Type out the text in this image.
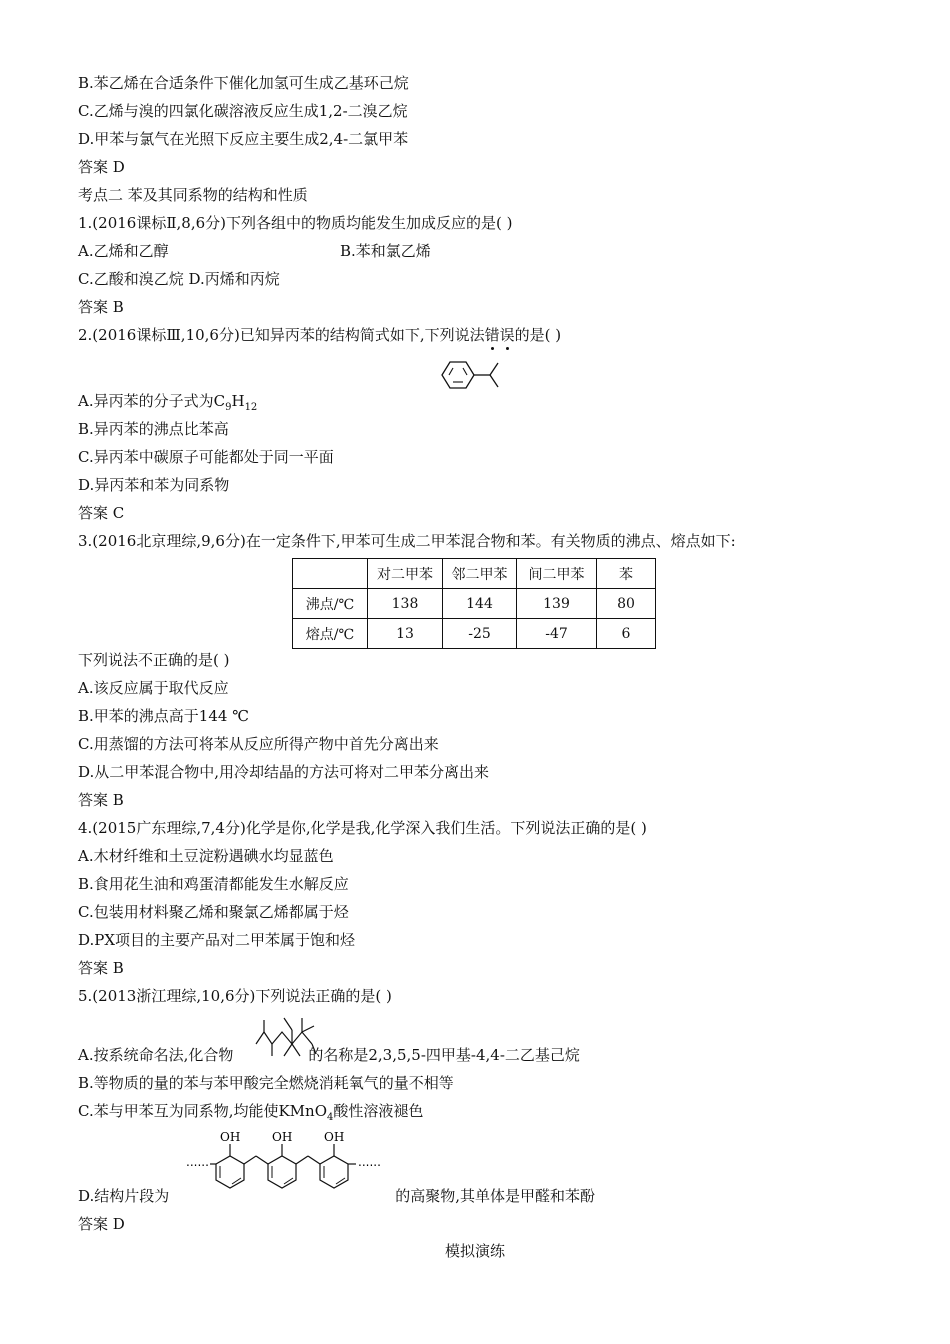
B.苯乙烯在合适条件下催化加氢可生成乙基环己烷
C.乙烯与溴的四氯化碳溶液反应生成1,2-二溴乙烷
D.甲苯与氯气在光照下反应主要生成2,4-二氯甲苯
答案 D
考点二 苯及其同系物的结构和性质
1.(2016课标Ⅱ,8,6分)下列各组中的物质均能发生加成反应的是( )
A.乙烯和乙醇	B.苯和氯乙烯
C.乙酸和溴乙烷 D.丙烯和丙烷
答案 B
2.(2016课标Ⅲ,10,6分)已知异丙苯的结构简式如下,下列说法错误的是( )
A.异丙苯的分子式为$C_9H_{12}$
B.异丙苯的沸点比苯高
C.异丙苯中碳原子可能都处于同一平面
D.异丙苯和苯为同系物
答案 C
3.(2016北京理综,9,6分)在一定条件下,甲苯可生成二甲苯混合物和苯。有关物质的沸点、熔点如下:
	对二甲苯	邻二甲苯	间二甲苯	苯
沸点/℃	138	144	139	80
熔点/℃	13	-25	-47	6
下列说法不正确的是( )
A.该反应属于取代反应
B.甲苯的沸点高于144 ℃
C.用蒸馏的方法可将苯从反应所得产物中首先分离出来
D.从二甲苯混合物中,用冷却结晶的方法可将对二甲苯分离出来
答案 B
4.(2015广东理综,7,4分)化学是你,化学是我,化学深入我们生活。下列说法正确的是( )
A.木材纤维和土豆淀粉遇碘水均显蓝色
B.食用花生油和鸡蛋清都能发生水解反应
C.包装用材料聚乙烯和聚氯乙烯都属于烃
D.PX项目的主要产品对二甲苯属于饱和烃
答案 B
5.(2013浙江理综,10,6分)下列说法正确的是( )
A.按系统命名法,化合物	的名称是2,3,5,5-四甲基-4,4-二乙基己烷
B.等物质的量的苯与苯甲酸完全燃烧消耗氧气的量不相等
C.苯与甲苯互为同系物,均能使KMnO$_4$酸性溶液褪色
......	......
OH	OH	OH
D.结构片段为	的高聚物,其单体是甲醛和苯酚
答案 D
模拟演练
